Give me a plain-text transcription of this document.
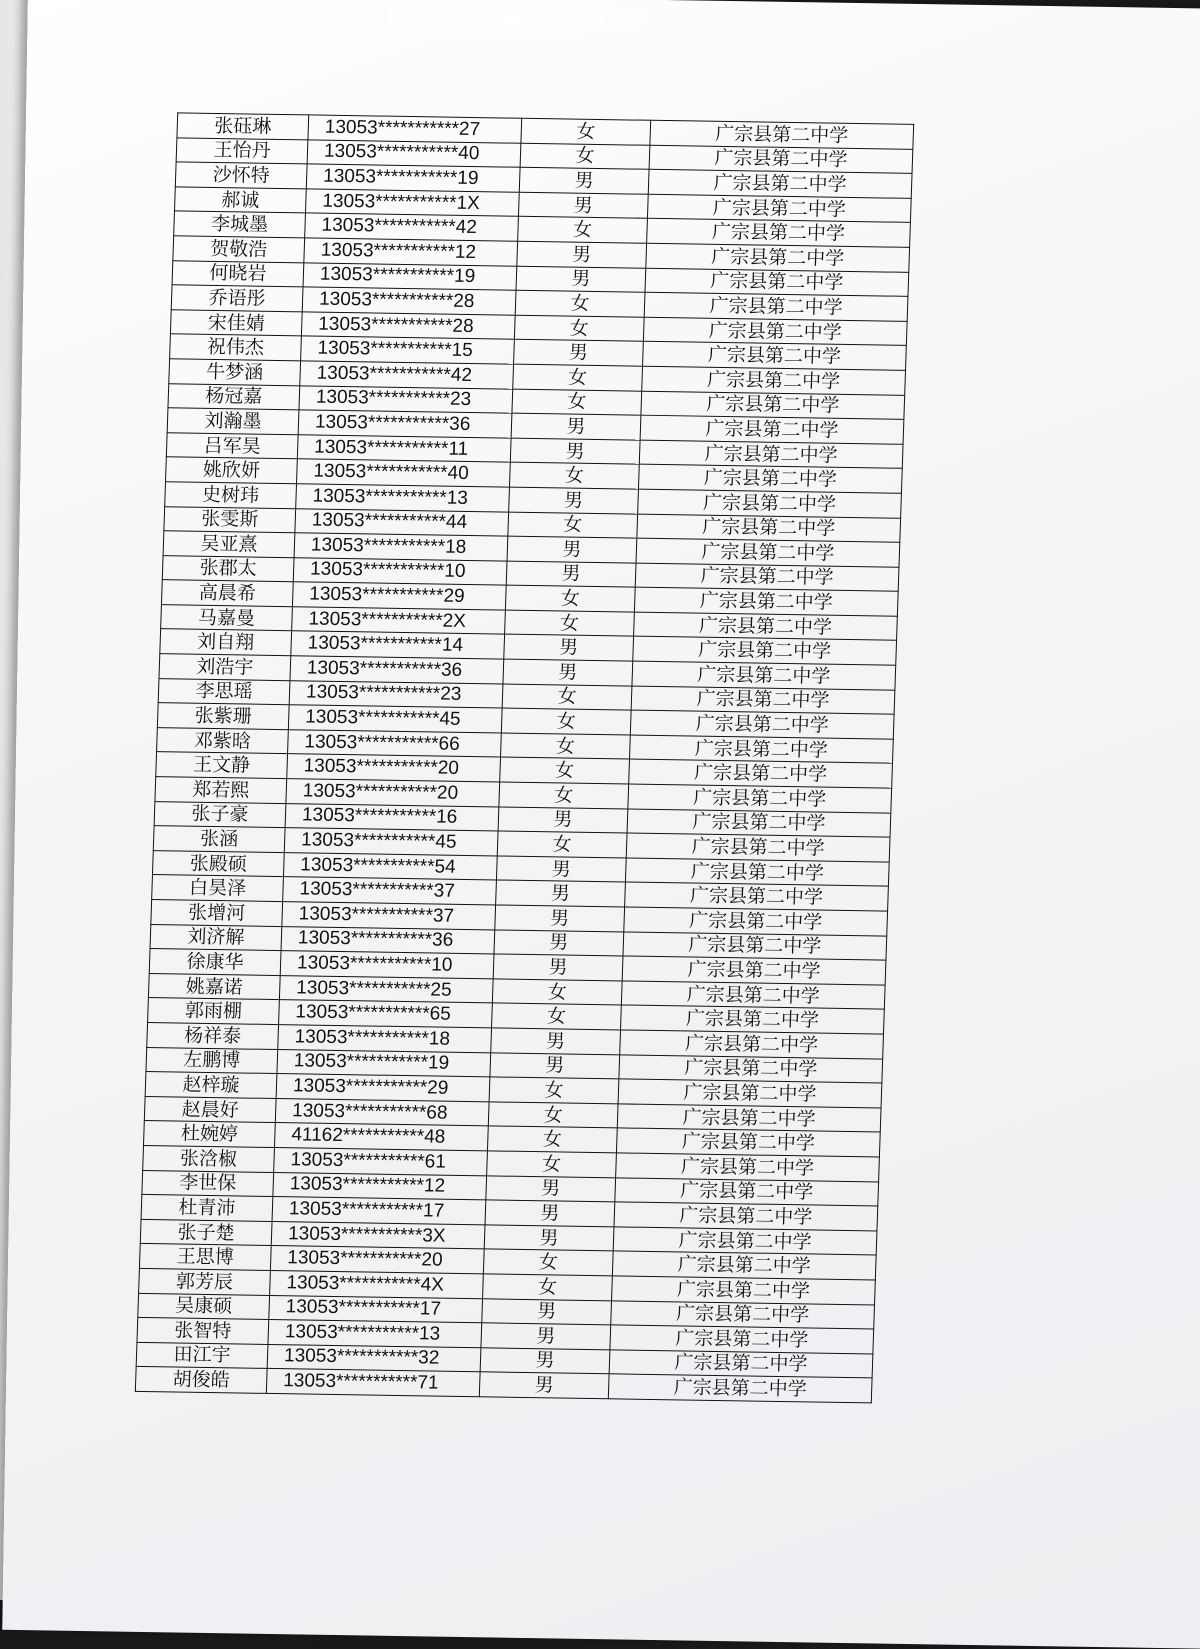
张砡琳	13053***********27	女	广宗县第二中学
王怡丹	13053***********40	女	广宗县第二中学
沙怀特	13053***********19	男	广宗县第二中学
郝诚	13053***********1X	男	广宗县第二中学
李城墨	13053***********42	女	广宗县第二中学
贺敬浩	13053***********12	男	广宗县第二中学
何晓岩	13053***********19	男	广宗县第二中学
乔语彤	13053***********28	女	广宗县第二中学
宋佳婧	13053***********28	女	广宗县第二中学
祝伟杰	13053***********15	男	广宗县第二中学
牛梦涵	13053***********42	女	广宗县第二中学
杨冠嘉	13053***********23	女	广宗县第二中学
刘瀚墨	13053***********36	男	广宗县第二中学
吕军昊	13053***********11	男	广宗县第二中学
姚欣妍	13053***********40	女	广宗县第二中学
史树玮	13053***********13	男	广宗县第二中学
张雯斯	13053***********44	女	广宗县第二中学
吴亚熹	13053***********18	男	广宗县第二中学
张郡太	13053***********10	男	广宗县第二中学
高晨希	13053***********29	女	广宗县第二中学
马嘉曼	13053***********2X	女	广宗县第二中学
刘自翔	13053***********14	男	广宗县第二中学
刘浩宇	13053***********36	男	广宗县第二中学
李思瑶	13053***********23	女	广宗县第二中学
张紫珊	13053***********45	女	广宗县第二中学
邓紫晗	13053***********66	女	广宗县第二中学
王文静	13053***********20	女	广宗县第二中学
郑若熙	13053***********20	女	广宗县第二中学
张子豪	13053***********16	男	广宗县第二中学
张涵	13053***********45	女	广宗县第二中学
张殿硕	13053***********54	男	广宗县第二中学
白昊泽	13053***********37	男	广宗县第二中学
张增河	13053***********37	男	广宗县第二中学
刘济解	13053***********36	男	广宗县第二中学
徐康华	13053***********10	男	广宗县第二中学
姚嘉诺	13053***********25	女	广宗县第二中学
郭雨棚	13053***********65	女	广宗县第二中学
杨祥泰	13053***********18	男	广宗县第二中学
左鹏博	13053***********19	男	广宗县第二中学
赵梓璇	13053***********29	女	广宗县第二中学
赵晨好	13053***********68	女	广宗县第二中学
杜婉婷	41162***********48	女	广宗县第二中学
张浛椒	13053***********61	女	广宗县第二中学
李世保	13053***********12	男	广宗县第二中学
杜青沛	13053***********17	男	广宗县第二中学
张子楚	13053***********3X	男	广宗县第二中学
王思博	13053***********20	女	广宗县第二中学
郭芳辰	13053***********4X	女	广宗县第二中学
吴康硕	13053***********17	男	广宗县第二中学
张智特	13053***********13	男	广宗县第二中学
田江宇	13053***********32	男	广宗县第二中学
胡俊皓	13053***********71	男	广宗县第二中学
